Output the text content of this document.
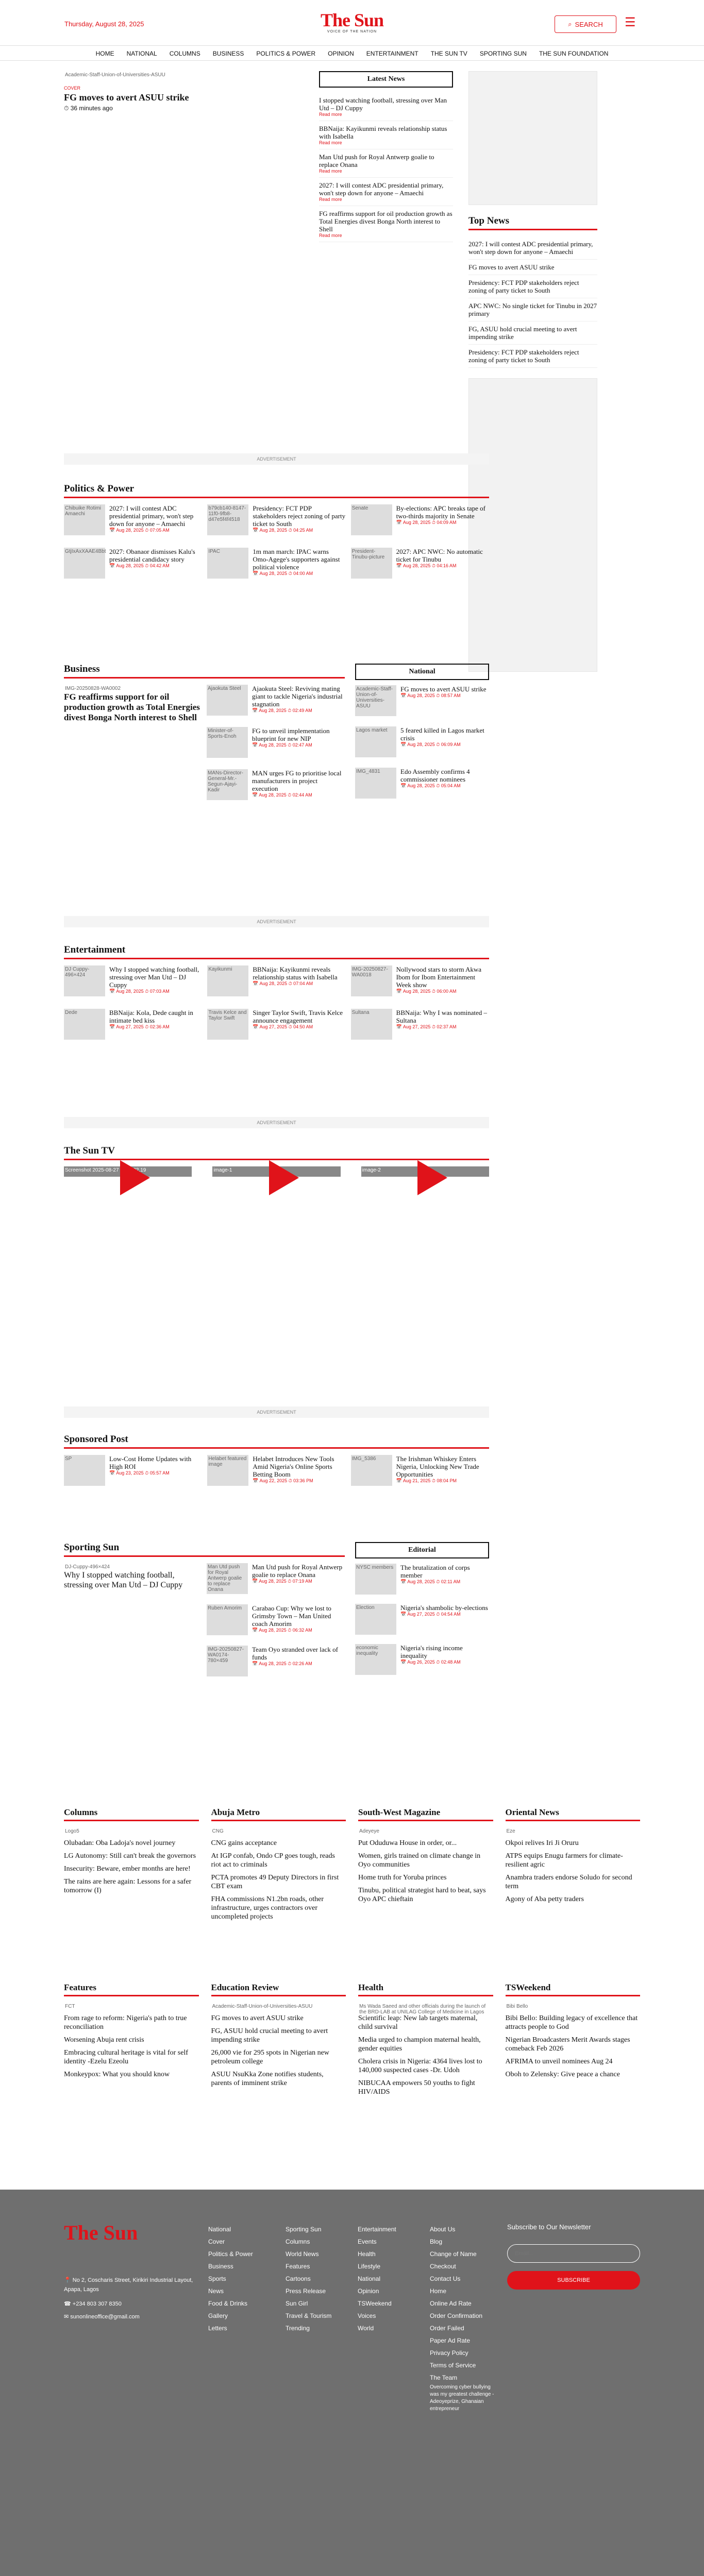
Thursday, August 28, 2025	The Sun
VOICE OF THE NATION
⌕ SEARCH ☰
HOME	NATIONAL	COLUMNS	BUSINESS	POLITICS & POWER	OPINION	ENTERTAINMENT	THE SUN TV	SPORTING SUN	THE SUN FOUNDATION
Academic-Staff-Union-of-Universities-ASUU
COVER
FG moves to avert ASUU strike
⏱ 36 minutes ago
Latest News
I stopped watching football, stressing over Man Utd – DJ Cuppy
Read more
BBNaija: Kayikunmi reveals relationship status with Isabella
Read more
Man Utd push for Royal Antwerp goalie to replace Onana
Read more
2027: I will contest ADC presidential primary, won't step down for anyone – Amaechi
Read more
FG reaffirms support for oil production growth as Total Energies divest Bonga North interest to Shell
Read more
Top News
2027: I will contest ADC presidential primary, won't step down for anyone – Amaechi
FG moves to avert ASUU strike
Presidency: FCT PDP stakeholders reject zoning of party ticket to South
APC NWC: No single ticket for Tinubu in 2027 primary
FG, ASUU hold crucial meeting to avert impending strike
Presidency: FCT PDP stakeholders reject zoning of party ticket to South
ADVERTISEMENT
Politics & Power
Chibuike Rotimi Amaechi
2027: I will contest ADC presidential primary, won't step down for anyone – Amaechi
📅 Aug 28, 2025 ⏱ 07:05 AM
b79cb140-8147-11f0-9fb8-d47e5f4f4518
Presidency: FCT PDP stakeholders reject zoning of party ticket to South
📅 Aug 28, 2025 ⏱ 04:25 AM
Senate	By-elections: APC breaks tape of two-thirds majority in Senate
📅 Aug 28, 2025 ⏱ 04:09 AM
GtjIxAxXAAE4Bbt 2027: Obanaor dismisses Kalu's presidential candidacy story
📅 Aug 28, 2025 ⏱ 04:42 AM
IPAC	1m man march: IPAC warns Omo-Agege's supporters against political violence
📅 Aug 28, 2025 ⏱ 04:00 AM
President-Tinubu-picture
2027: APC NWC: No automatic ticket for Tinubu
📅 Aug 28, 2025 ⏱ 04:16 AM
Business
IMG-20250828-WA0002
FG reaffirms support for oil production growth as Total Energies divest Bonga North interest to Shell
Ajaokuta Steel	Ajaokuta Steel: Reviving mating giant to tackle Nigeria's industrial stagnation
📅 Aug 28, 2025 ⏱ 02:49 AM
Minister-of-Sports-Enoh
FG to unveil implementation blueprint for new NIP
📅 Aug 28, 2025 ⏱ 02:47 AM
MANs-Director-General-Mr.-Segun-Ajayi-Kadir
MAN urges FG to prioritise local manufacturers in project execution
📅 Aug 28, 2025 ⏱ 02:44 AM
National
Academic-Staff-Union-of-Universities-ASUU
FG moves to avert ASUU strike
📅 Aug 28, 2025 ⏱ 08:57 AM
Lagos market	5 feared killed in Lagos market crisis
📅 Aug 28, 2025 ⏱ 06:09 AM
IMG_4831	Edo Assembly confirms 4 commissioner nominees
📅 Aug 28, 2025 ⏱ 05:04 AM
ADVERTISEMENT
Entertainment
DJ Cuppy-496×424
Why I stopped watching football, stressing over Man Utd – DJ Cuppy
📅 Aug 28, 2025 ⏱ 07:03 AM
Kayikunmi	BBNaija: Kayikunmi reveals relationship status with Isabella
📅 Aug 28, 2025 ⏱ 07:04 AM
IMG-20250827-WA0018
Nollywood stars to storm Akwa Ibom for Ibom Entertainment Week show
📅 Aug 28, 2025 ⏱ 06:00 AM
Dede	BBNaija: Kola, Dede caught in intimate bed kiss
📅 Aug 27, 2025 ⏱ 02:36 AM
Travis Kelce and Taylor Swift
Singer Taylor Swift, Travis Kelce announce engagement
📅 Aug 27, 2025 ⏱ 04:50 AM
Sultana	BBNaija: Why I was nominated – Sultana
📅 Aug 27, 2025 ⏱ 02:37 AM
ADVERTISEMENT
The Sun TV
Screenshot 2025-08-27 at 03.02.19	image-1	image-2
ADVERTISEMENT
Sponsored Post
SP	Low-Cost Home Updates with High ROI
📅 Aug 23, 2025 ⏱ 05:57 AM
Helabet featured image
Helabet Introduces New Tools Amid Nigeria's Online Sports Betting Boom
📅 Aug 22, 2025 ⏱ 03:36 PM
IMG_5386	The Irishman Whiskey Enters Nigeria, Unlocking New Trade Opportunities
📅 Aug 21, 2025 ⏱ 08:04 PM
Sporting Sun
DJ-Cuppy-496×424
Why I stopped watching football, stressing over Man Utd – DJ Cuppy
Man Utd push for Royal Antwerp goalie to replace Onana
Man Utd push for Royal Antwerp goalie to replace Onana
📅 Aug 28, 2025 ⏱ 07:19 AM
Ruben Amorim	Carabao Cup: Why we lost to Grimsby Town – Man United coach Amorim
📅 Aug 28, 2025 ⏱ 06:32 AM
IMG-20250827-WA0174-780×459
Team Oyo stranded over lack of funds
📅 Aug 28, 2025 ⏱ 02:26 AM
Editorial
NYSC members	The brutalization of corps member
📅 Aug 28, 2025 ⏱ 02:11 AM
Election	Nigeria's shambolic by-elections
📅 Aug 27, 2025 ⏱ 04:54 AM
economic inequality
Nigeria's rising income inequality
📅 Aug 26, 2025 ⏱ 02:48 AM
Columns
Logo5
Olubadan: Oba Ladoja's novel journey
LG Autonomy: Still can't break the governors
Insecurity: Beware, ember months are here!
The rains are here again: Lessons for a safer tomorrow (I)
Abuja Metro
CNG
CNG gains acceptance
At IGP confab, Ondo CP goes tough, reads riot act to criminals
PCTA promotes 49 Deputy Directors in first CBT exam
FHA commissions N1.2bn roads, other infrastructure, urges contractors over uncompleted projects
South-West Magazine
Adeyeye
Put Oduduwa House in order, or...
Women, girls trained on climate change in Oyo communities
Home truth for Yoruba princes
Tinubu, political strategist hard to beat, says Oyo APC chieftain
Oriental News
Eze
Okpoi relives Iri Ji Oruru
ATPS equips Enugu farmers for climate-resilient agric
Anambra traders endorse Soludo for second term
Agony of Aba petty traders
Features
FCT
From rage to reform: Nigeria's path to true reconciliation
Worsening Abuja rent crisis
Embracing cultural heritage is vital for self identity -Ezelu Ezeolu
Monkeypox: What you should know
Education Review
Academic-Staff-Union-of-Universities-ASUU
FG moves to avert ASUU strike
FG, ASUU hold crucial meeting to avert impending strike
26,000 vie for 295 spots in Nigerian new petroleum college
ASUU NsuKka Zone notifies students, parents of imminent strike
Health
Ms Wada Saeed and other officials during the launch of the BRD-LAB at UNILAG College of Medicine in Lagos
Scientific leap: New lab targets maternal, child survival
Media urged to champion maternal health, gender equities
Cholera crisis in Nigeria: 4364 lives lost to 140,000 suspected cases -Dr. Udoh
NIBUCAA empowers 50 youths to fight HIV/AIDS
TSWeekend
Bibi Bello
Bibi Bello: Building legacy of excellence that attracts people to God
Nigerian Broadcasters Merit Awards stages comeback Feb 2026
AFRIMA to unveil nominees Aug 24
Oboh to Zelensky: Give peace a chance
The Sun
📍 No 2, Coscharis Street, Kirikiri Industrial Layout, Apapa, Lagos
☎ +234 803 307 8350
✉ sunonlineoffice@gmail.com
National
Cover
Politics & Power
Business
Sports
News
Food & Drinks
Gallery
Letters
Sporting Sun
Columns
World News
Features
Cartoons
Press Release
Sun Girl
Travel & Tourism
Trending
Entertainment
Events
Health
Lifestyle
National
Opinion
TSWeekend
Voices
World
About Us
Blog
Change of Name
Checkout
Contact Us
Home
Online Ad Rate
Order Confirmation
Order Failed
Paper Ad Rate
Privacy Policy
Terms of Service
The Team
Overcoming cyber bullying was my greatest challenge -Adeoyeprize, Ghanaian entrepreneur
Subscribe to Our Newsletter
Email...
SUBSCRIBE
